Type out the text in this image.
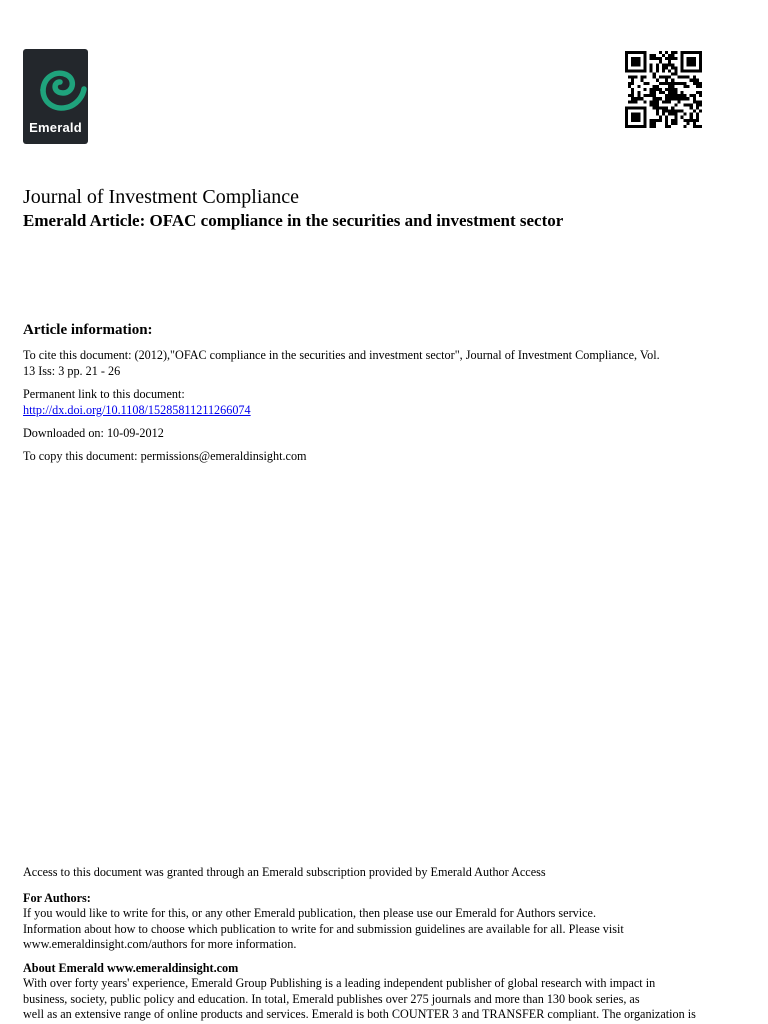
Emerald
Journal of Investment Compliance
Emerald Article: OFAC compliance in the securities and investment sector
Article information:
To cite this document: (2012),"OFAC compliance in the securities and investment sector", Journal of Investment Compliance, Vol.
13 Iss: 3 pp. 21 - 26
Permanent link to this document:
http://dx.doi.org/10.1108/15285811211266074
Downloaded on: 10-09-2012
To copy this document: permissions@emeraldinsight.com
Access to this document was granted through an Emerald subscription provided by Emerald Author Access
For Authors:
If you would like to write for this, or any other Emerald publication, then please use our Emerald for Authors service.
Information about how to choose which publication to write for and submission guidelines are available for all. Please visit
www.emeraldinsight.com/authors for more information.
About Emerald www.emeraldinsight.com
With over forty years' experience, Emerald Group Publishing is a leading independent publisher of global research with impact in
business, society, public policy and education. In total, Emerald publishes over 275 journals and more than 130 book series, as
well as an extensive range of online products and services. Emerald is both COUNTER 3 and TRANSFER compliant. The organization is
